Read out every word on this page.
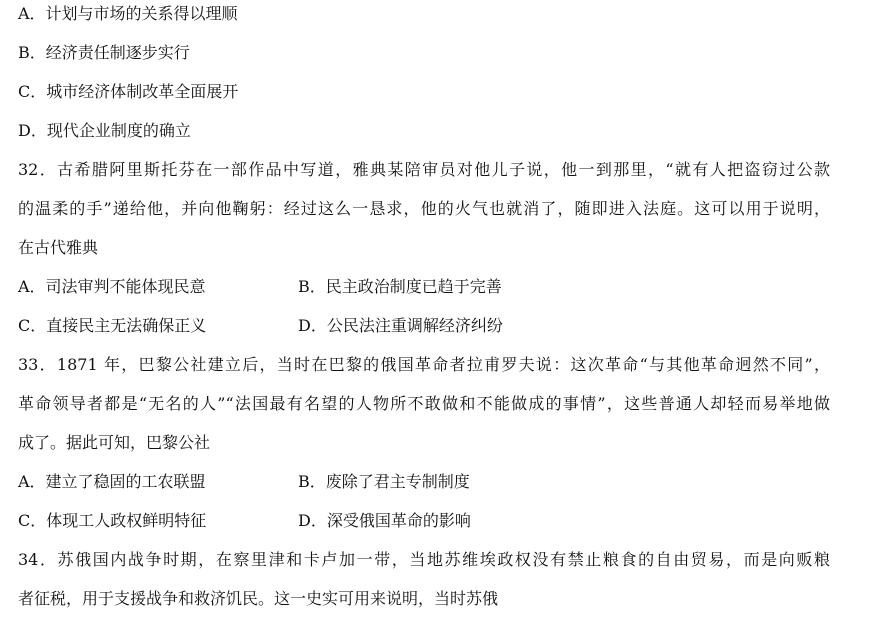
A．计划与市场的关系得以理顺
B．经济责任制逐步实行
C．城市经济体制改革全面展开
D．现代企业制度的确立
32．古希腊阿里斯托芬在一部作品中写道，雅典某陪审员对他儿子说，他一到那里，“就有人把盗窃过公款
的温柔的手”递给他，并向他鞠躬：经过这么一恳求，他的火气也就消了，随即进入法庭。这可以用于说明，
在古代雅典
A．司法审判不能体现民意	B．民主政治制度已趋于完善
C．直接民主无法确保正义	D．公民法注重调解经济纠纷
33．1871 年，巴黎公社建立后，当时在巴黎的俄国革命者拉甫罗夫说：这次革命“与其他革命迥然不同”，
革命领导者都是“无名的人”“法国最有名望的人物所不敢做和不能做成的事情”，这些普通人却轻而易举地做
成了。据此可知，巴黎公社
A．建立了稳固的工农联盟	B．废除了君主专制制度
C．体现工人政权鲜明特征	D．深受俄国革命的影响
34．苏俄国内战争时期，在察里津和卡卢加一带，当地苏维埃政权没有禁止粮食的自由贸易，而是向贩粮
者征税，用于支援战争和救济饥民。这一史实可用来说明，当时苏俄
